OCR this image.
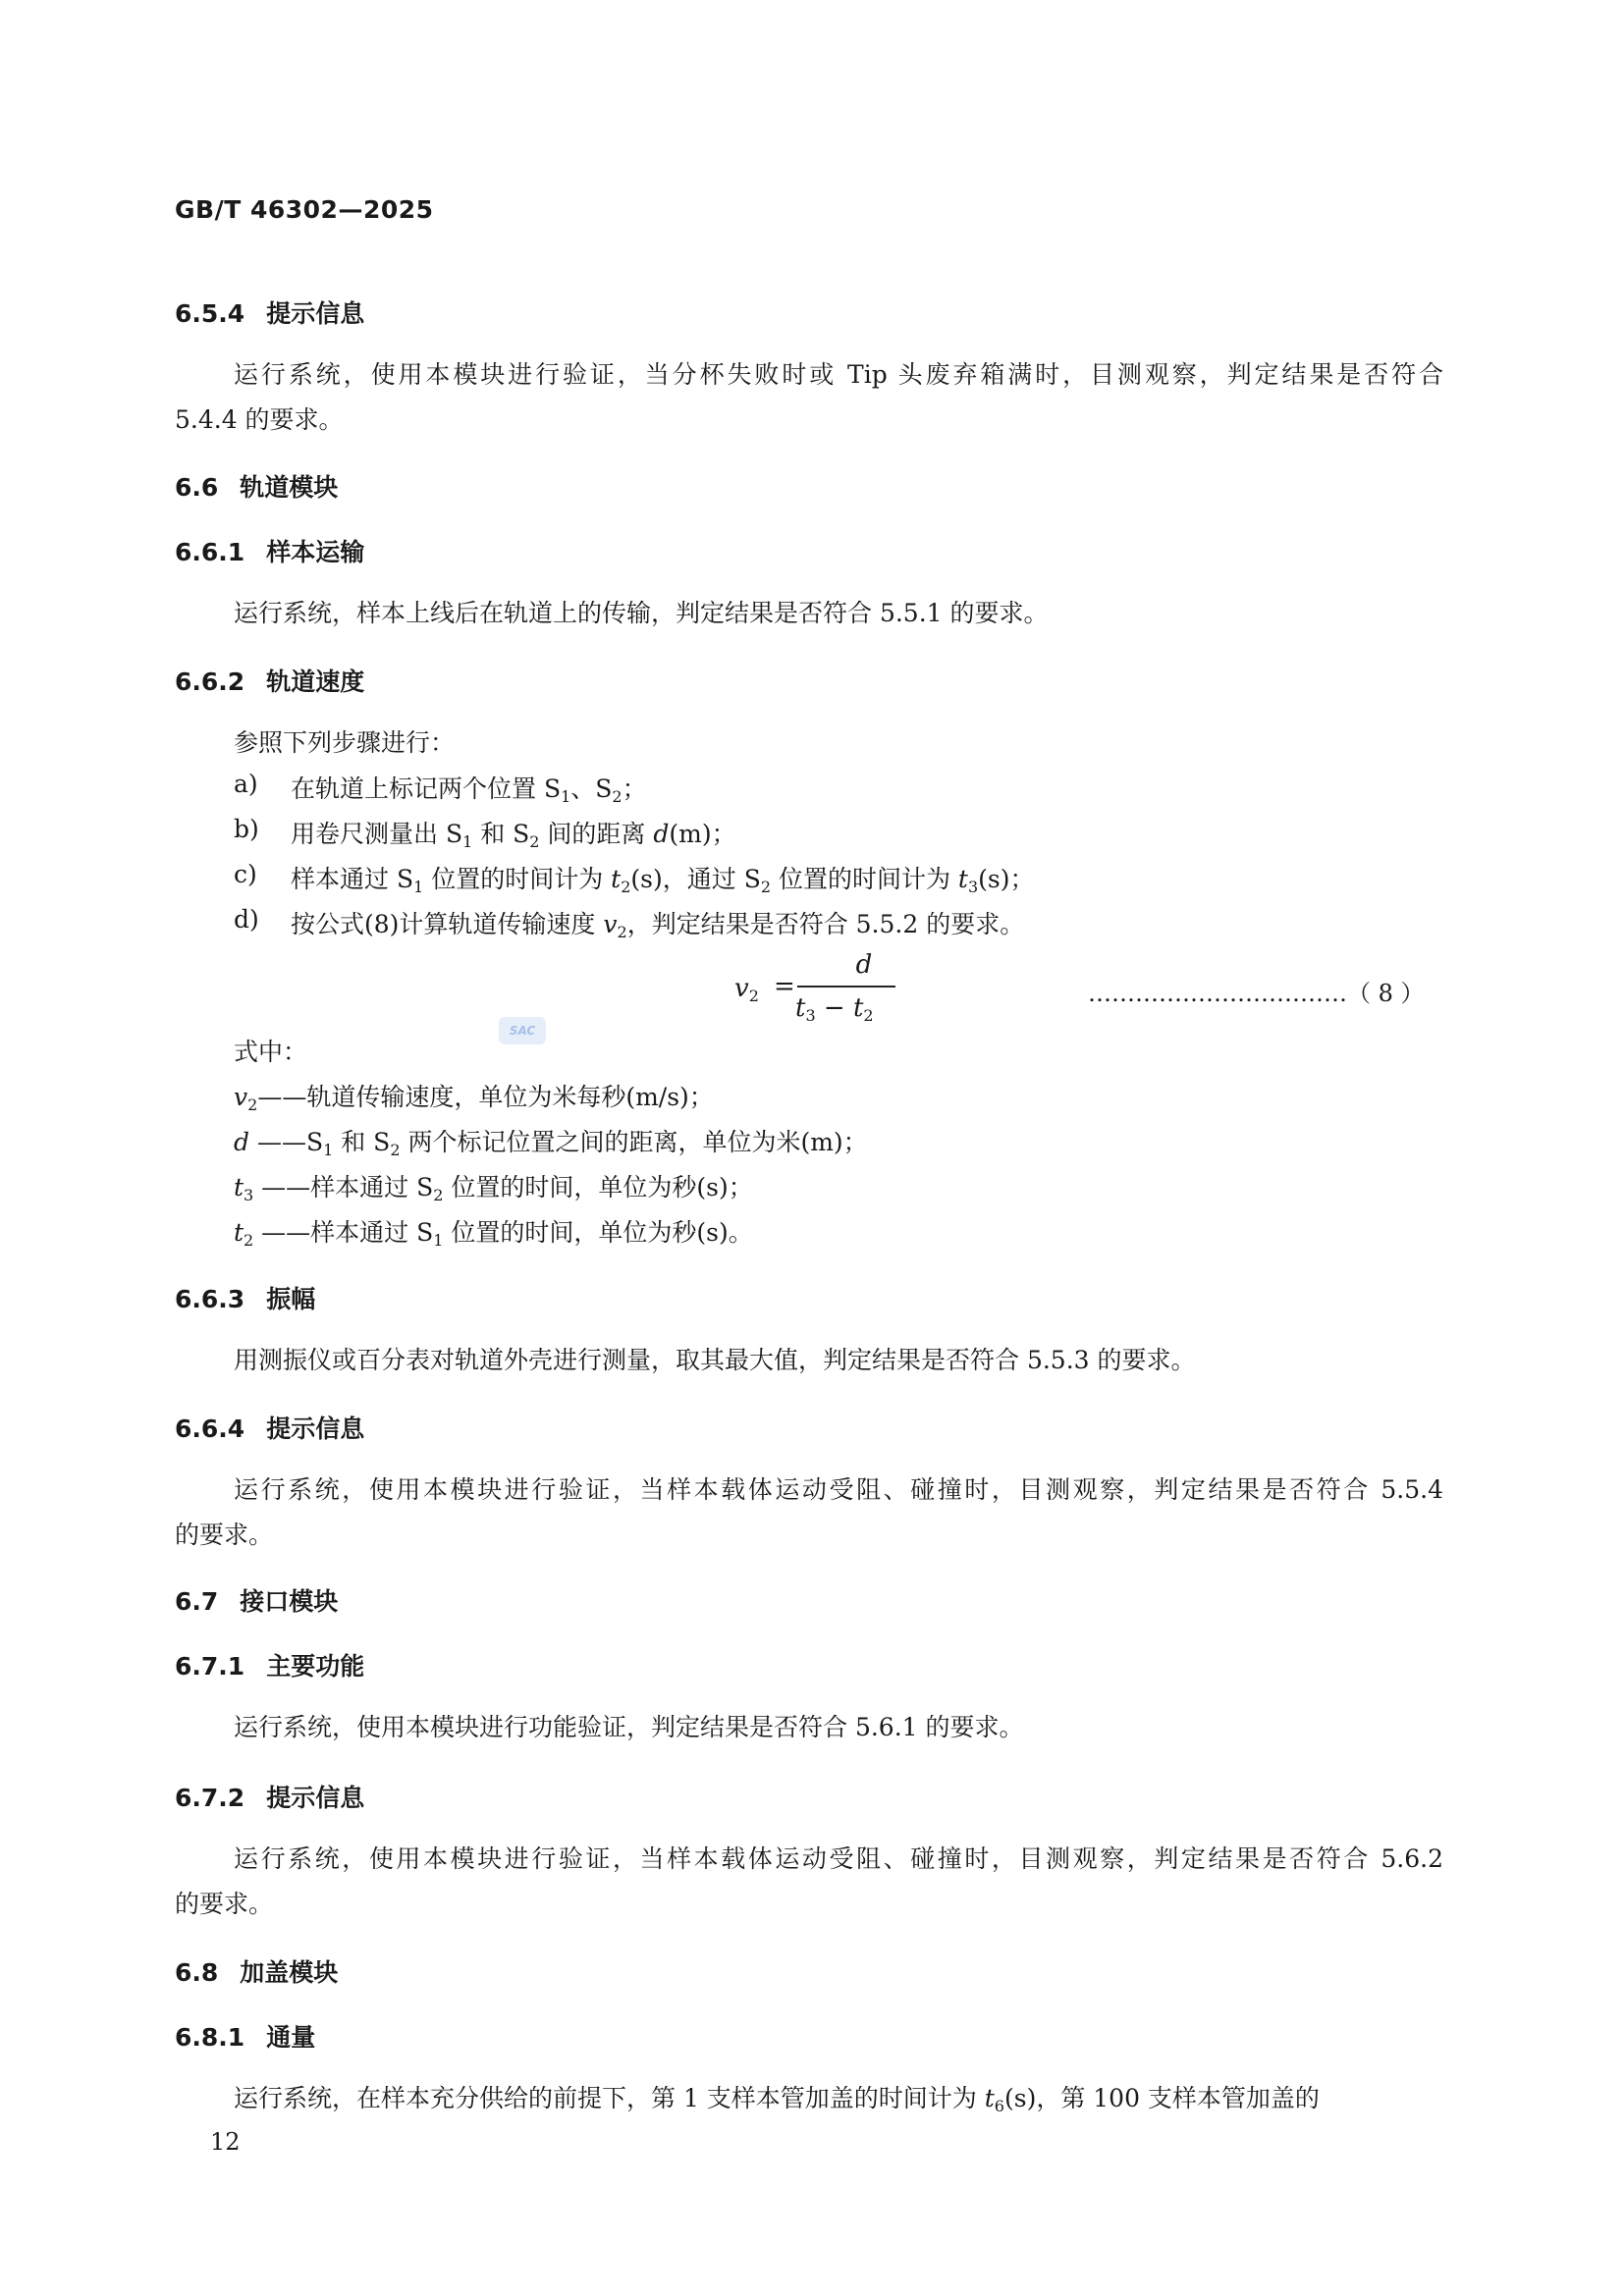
GB/T 46302—2025
6.5.4 提示信息
运行系统，使用本模块进行验证，当分杯失败时或 Tip 头废弃箱满时，目测观察，判定结果是否符合
5.4.4 的要求。
6.6 轨道模块
6.6.1 样本运输
运行系统，样本上线后在轨道上的传输，判定结果是否符合 5.5.1 的要求。
6.6.2 轨道速度
参照下列步骤进行：
a) 在轨道上标记两个位置 $S_1$、$S_2$；
b) 用卷尺测量出 $S_1$ 和 $S_2$ 间的距离 d(m)；
c) 样本通过 $S_1$ 位置的时间计为 $t_2(s)$，通过 $S_2$ 位置的时间计为 $t_3(s)$；
d) 按公式(8)计算轨道传输速度 $v_2$，判定结果是否符合 5.5.2 的要求。
$v_2$ =
d
$t_3 - t_2$
……………………………（ 8 ）
SAC
式中：
$v_2——$轨道传输速度，单位为米每秒(m/s)；
d $——S_1$ 和 $S_2$ 两个标记位置之间的距离，单位为米(m)；
$t_3$ ——样本通过 $S_2$ 位置的时间，单位为秒(s)；
$t_2$ ——样本通过 $S_1$ 位置的时间，单位为秒(s)。
6.6.3 振幅
用测振仪或百分表对轨道外壳进行测量，取其最大值，判定结果是否符合 5.5.3 的要求。
6.6.4 提示信息
运行系统，使用本模块进行验证，当样本载体运动受阻、碰撞时，目测观察，判定结果是否符合 5.5.4
的要求。
6.7 接口模块
6.7.1 主要功能
运行系统，使用本模块进行功能验证，判定结果是否符合 5.6.1 的要求。
6.7.2 提示信息
运行系统，使用本模块进行验证，当样本载体运动受阻、碰撞时，目测观察，判定结果是否符合 5.6.2
的要求。
6.8 加盖模块
6.8.1 通量
运行系统，在样本充分供给的前提下，第 1 支样本管加盖的时间计为 $t_6(s)$，第 100 支样本管加盖的
12
